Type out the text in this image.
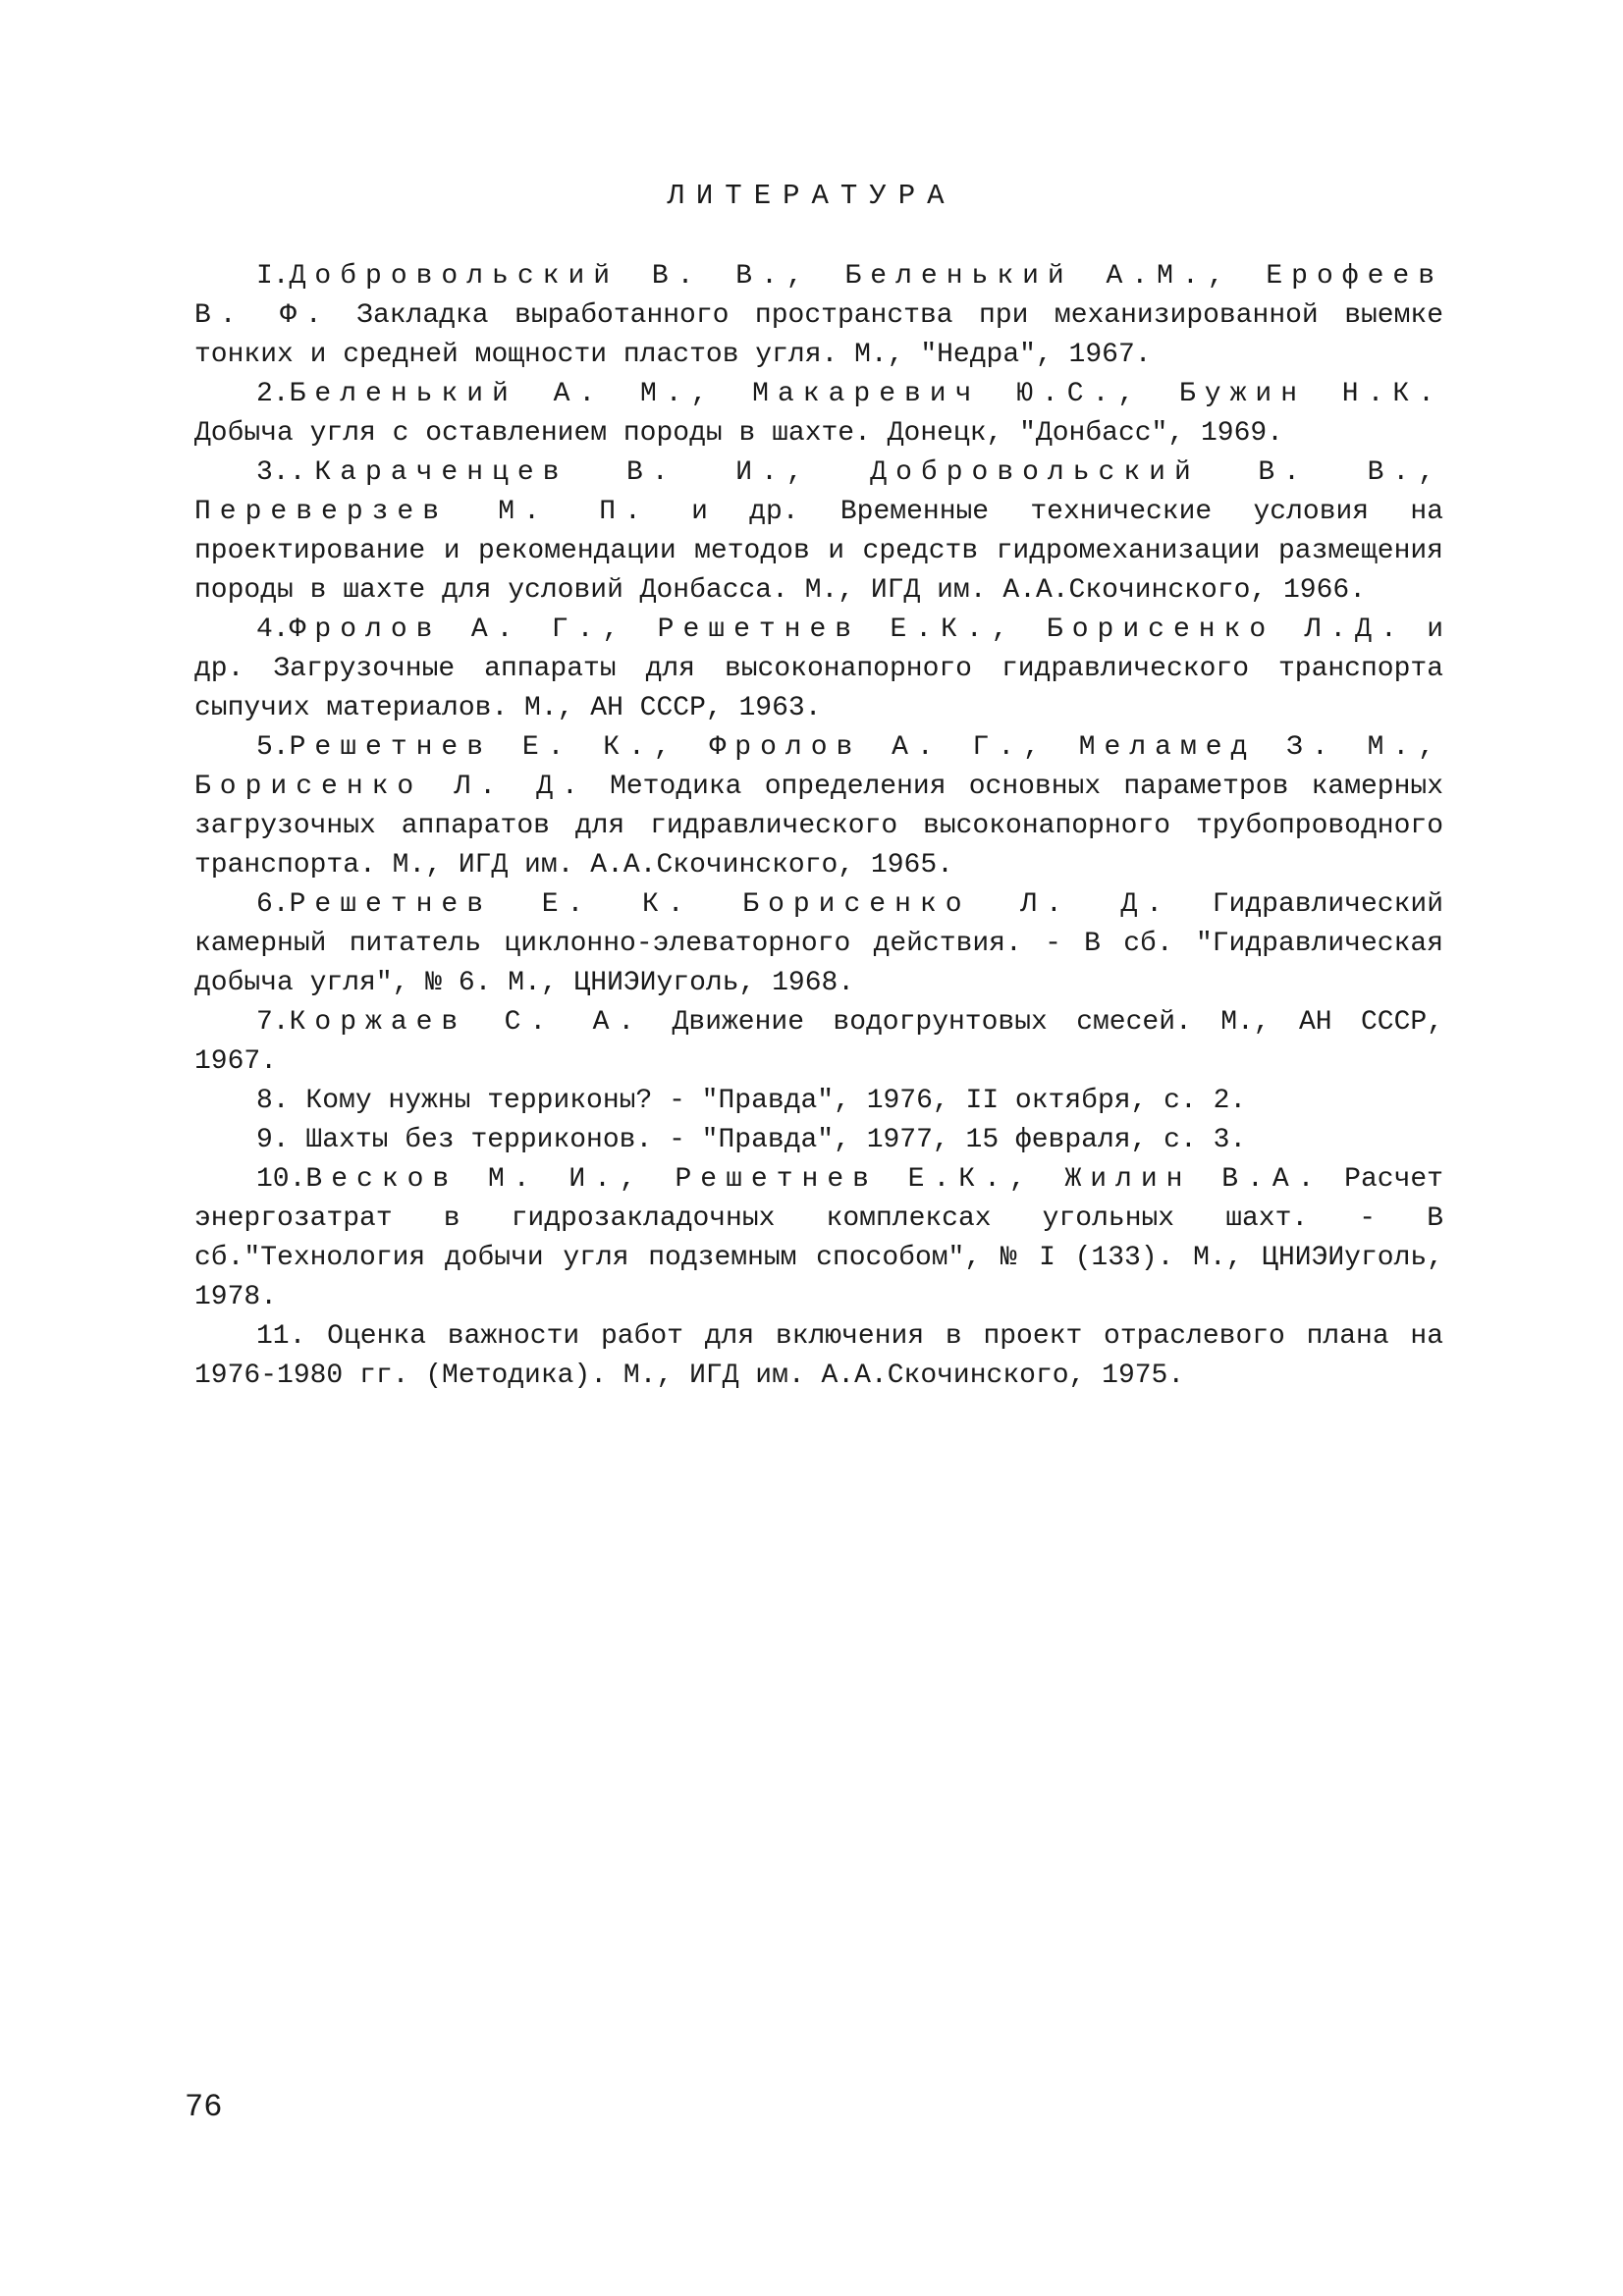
ЛИТЕРАТУРА
I.Добровольский В. В., Беленький А.М., Ерофеев В. Ф. Закладка выработанного пространства при механизированной выемке тонких и средней мощности пластов угля. М., "Недра", 1967.
2.Беленький А. М., Макаревич Ю.С., Бужин Н.К. Добыча угля с оставлением породы в шахте. Донецк, "Донбасс", 1969.
3..Караченцев В. И., Добровольский В. В., Переверзев М. П. и др. Временные технические условия на проектирование и рекомендации методов и средств гидромеханизации размещения породы в шахте для условий Донбасса. М., ИГД им. А.А.Скочинского, 1966.
4.Фролов А. Г., Решетнев Е.К., Борисенко Л.Д. и др. Загрузочные аппараты для высоконапорного гидравлического транспорта сыпучих материалов. М., АН СССР, 1963.
5.Решетнев Е. К., Фролов А. Г., Меламед З. М., Борисенко Л. Д. Методика определения основных параметров камерных загрузочных аппаратов для гидравлического высоконапорного трубопроводного транспорта. М., ИГД им. А.А.Скочинского, 1965.
6.Решетнев Е. К. Борисенко Л. Д. Гидравлический камерный питатель циклонно-элеваторного действия. - В сб. "Гидравлическая добыча угля", № 6. М., ЦНИЭИуголь, 1968.
7.Коржаев С. А. Движение водогрунтовых смесей. М., АН СССР, 1967.
8. Кому нужны терриконы? - "Правда", 1976, II октября, с. 2.
9. Шахты без терриконов. - "Правда", 1977, 15 февраля, с. 3.
10.Весков М. И., Решетнев Е.К., Жилин В.А. Расчет энергозатрат в гидрозакладочных комплексах угольных шахт. - В сб."Технология добычи угля подземным способом", № I (133). М., ЦНИЭИуголь, 1978.
11. Оценка важности работ для включения в проект отраслевого плана на 1976-1980 гг. (Методика). М., ИГД им. А.А.Скочинского, 1975.
76
